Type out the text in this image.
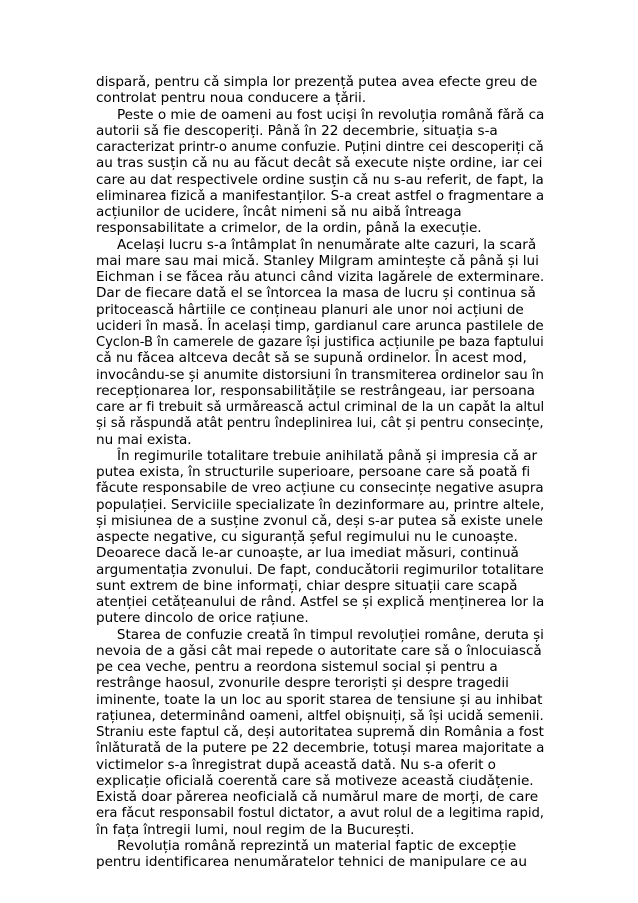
disparǎ, pentru cǎ simpla lor prezențǎ putea avea efecte greu de
controlat pentru noua conducere a țǎrii.
Peste o mie de oameni au fost uciși în revoluția românǎ fǎrǎ ca
autorii sǎ fie descoperiți. Pânǎ în 22 decembrie, situația s-a
caracterizat printr-o anume confuzie. Puțini dintre cei descoperiți cǎ
au tras susțin cǎ nu au fǎcut decât sǎ execute niște ordine, iar cei
care au dat respectivele ordine susțin cǎ nu s-au referit, de fapt, la
eliminarea fizicǎ a manifestanților. S-a creat astfel o fragmentare a
acțiunilor de ucidere, încât nimeni sǎ nu aibǎ întreaga
responsabilitate a crimelor, de la ordin, pânǎ la execuție.
Același lucru s-a întâmplat în nenumǎrate alte cazuri, la scarǎ
mai mare sau mai micǎ. Stanley Milgram amintește cǎ pânǎ și lui
Eichman i se fǎcea rǎu atunci când vizita lagǎrele de exterminare.
Dar de fiecare datǎ el se întorcea la masa de lucru și continua sǎ
pritoceascǎ hârtiile ce conțineau planuri ale unor noi acțiuni de
ucideri în masǎ. În același timp, gardianul care arunca pastilele de
Cyclon-B în camerele de gazare își justifica acțiunile pe baza faptului
cǎ nu fǎcea altceva decât sǎ se supunǎ ordinelor. În acest mod,
invocându-se și anumite distorsiuni în transmiterea ordinelor sau în
recepționarea lor, responsabilitǎțile se restrângeau, iar persoana
care ar fi trebuit sǎ urmǎreascǎ actul criminal de la un capǎt la altul
și sǎ rǎspundǎ atât pentru îndeplinirea lui, cât și pentru consecințe,
nu mai exista.
În regimurile totalitare trebuie anihilatǎ pânǎ și impresia cǎ ar
putea exista, în structurile superioare, persoane care sǎ poatǎ fi
fǎcute responsabile de vreo acțiune cu consecințe negative asupra
populației. Serviciile specializate în dezinformare au, printre altele,
și misiunea de a susține zvonul cǎ, deși s-ar putea sǎ existe unele
aspecte negative, cu siguranțǎ șeful regimului nu le cunoaște.
Deoarece dacǎ le-ar cunoaște, ar lua imediat mǎsuri, continuǎ
argumentația zvonului. De fapt, conducǎtorii regimurilor totalitare
sunt extrem de bine informați, chiar despre situații care scapǎ
atenției cetǎțeanului de rând. Astfel se și explicǎ menținerea lor la
putere dincolo de orice rațiune.
Starea de confuzie creatǎ în timpul revoluției române, deruta și
nevoia de a gǎsi cât mai repede o autoritate care sǎ o înlocuiascǎ
pe cea veche, pentru a reordona sistemul social și pentru a
restrânge haosul, zvonurile despre teroriști și despre tragedii
iminente, toate la un loc au sporit starea de tensiune și au inhibat
rațiunea, determinând oameni, altfel obișnuiți, sǎ își ucidǎ semenii.
Straniu este faptul cǎ, deși autoritatea supremǎ din România a fost
înlǎturatǎ de la putere pe 22 decembrie, totuși marea majoritate a
victimelor s-a înregistrat dupǎ aceastǎ datǎ. Nu s-a oferit o
explicație oficialǎ coerentǎ care sǎ motiveze aceastǎ ciudǎțenie.
Existǎ doar pǎrerea neoficialǎ cǎ numǎrul mare de morți, de care
era fǎcut responsabil fostul dictator, a avut rolul de a legitima rapid,
în fața întregii lumi, noul regim de la București.
Revoluția românǎ reprezintǎ un material faptic de excepție
pentru identificarea nenumǎratelor tehnici de manipulare ce au
